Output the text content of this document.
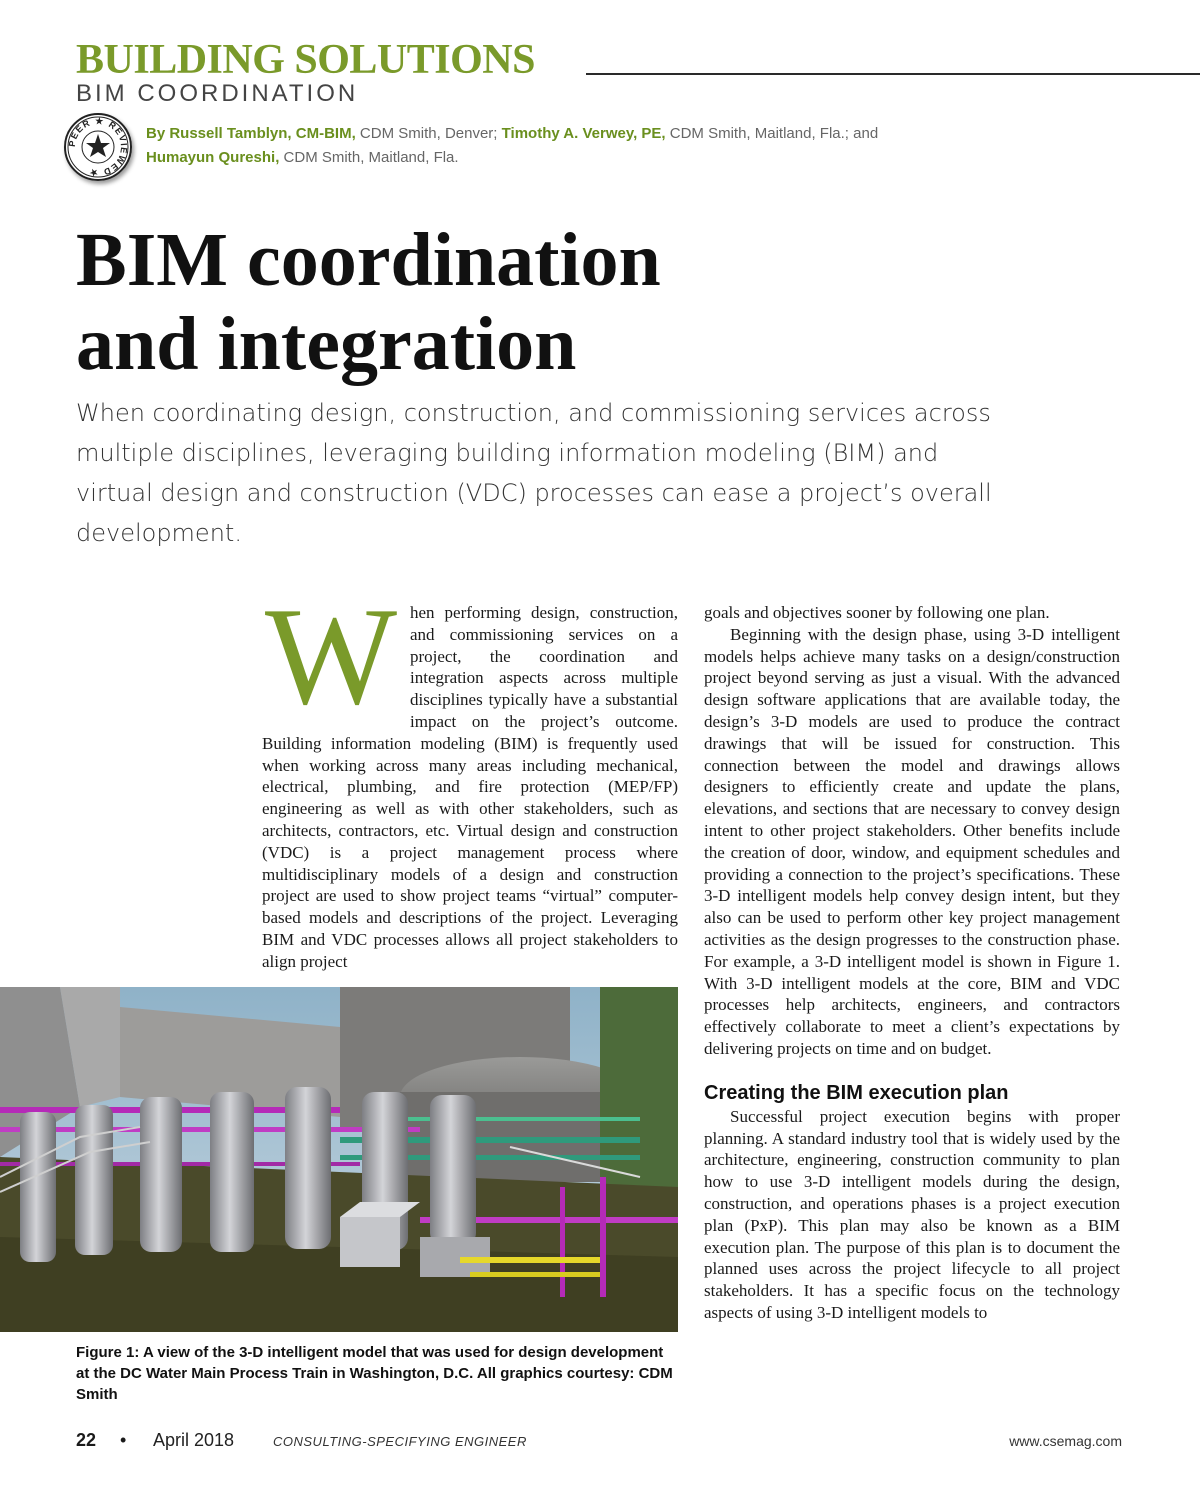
BUILDING SOLUTIONS
BIM COORDINATION
PEER ★ REVIEWED ★
By Russell Tamblyn, CM-BIM, CDM Smith, Denver; Timothy A. Verwey, PE, CDM Smith, Maitland, Fla.; and
Humayun Qureshi, CDM Smith, Maitland, Fla.
BIM coordination
and integration
When coordinating design, construction, and commissioning services across multiple disciplines, leveraging building information modeling (BIM) and virtual design and construction (VDC) processes can ease a project’s overall development.
W hen performing design, construction, and commissioning services on a project, the coordination and integration aspects across multiple disciplines typically have a substantial impact on the project’s outcome. Building information modeling (BIM) is frequently used when working across many areas including mechanical, electrical, plumbing, and fire protection (MEP/FP) engineering as well as with other stakeholders, such as architects, contractors, etc. Virtual design and construction (VDC) is a project management process where multidisciplinary models of a design and construction project are used to show project teams “virtual” computer-based models and descriptions of the project. Leveraging BIM and VDC processes allows all project stakeholders to align project

goals and objectives sooner by following one plan.

Beginning with the design phase, using 3-D intelligent models helps achieve many tasks on a design/construction project beyond serving as just a visual. With the advanced design software applications that are available today, the design’s 3-D models are used to produce the contract drawings that will be issued for construction. This connection between the model and drawings allows designers to efficiently create and update the plans, elevations, and sections that are necessary to convey design intent to other project stakeholders. Other benefits include the creation of door, window, and equipment schedules and providing a connection to the project’s specifications. These 3-D intelligent models help convey design intent, but they also can be used to perform other key project management activities as the design progresses to the construction phase. For example, a 3-D intelligent model is shown in Figure 1. With 3-D intelligent models at the core, BIM and VDC processes help architects, engineers, and contractors effectively collaborate to meet a client’s expectations by delivering projects on time and on budget.

Creating the BIM execution plan

Successful project execution begins with proper planning. A standard industry tool that is widely used by the architecture, engineering, construction community to plan how to use 3-D intelligent models during the design, construction, and operations phases is a project execution plan (PxP). This plan may also be known as a BIM execution plan. The purpose of this plan is to document the planned uses across the project lifecycle to all project stakeholders. It has a specific focus on the technology aspects of using 3-D intelligent models to

Figure 1: A view of the 3-D intelligent model that was used for design development at the DC Water Main Process Train in Washington, D.C. All graphics courtesy: CDM Smith
22 • April 2018	CONSULTING-SPECIFYING ENGINEER	www.csemag.com
